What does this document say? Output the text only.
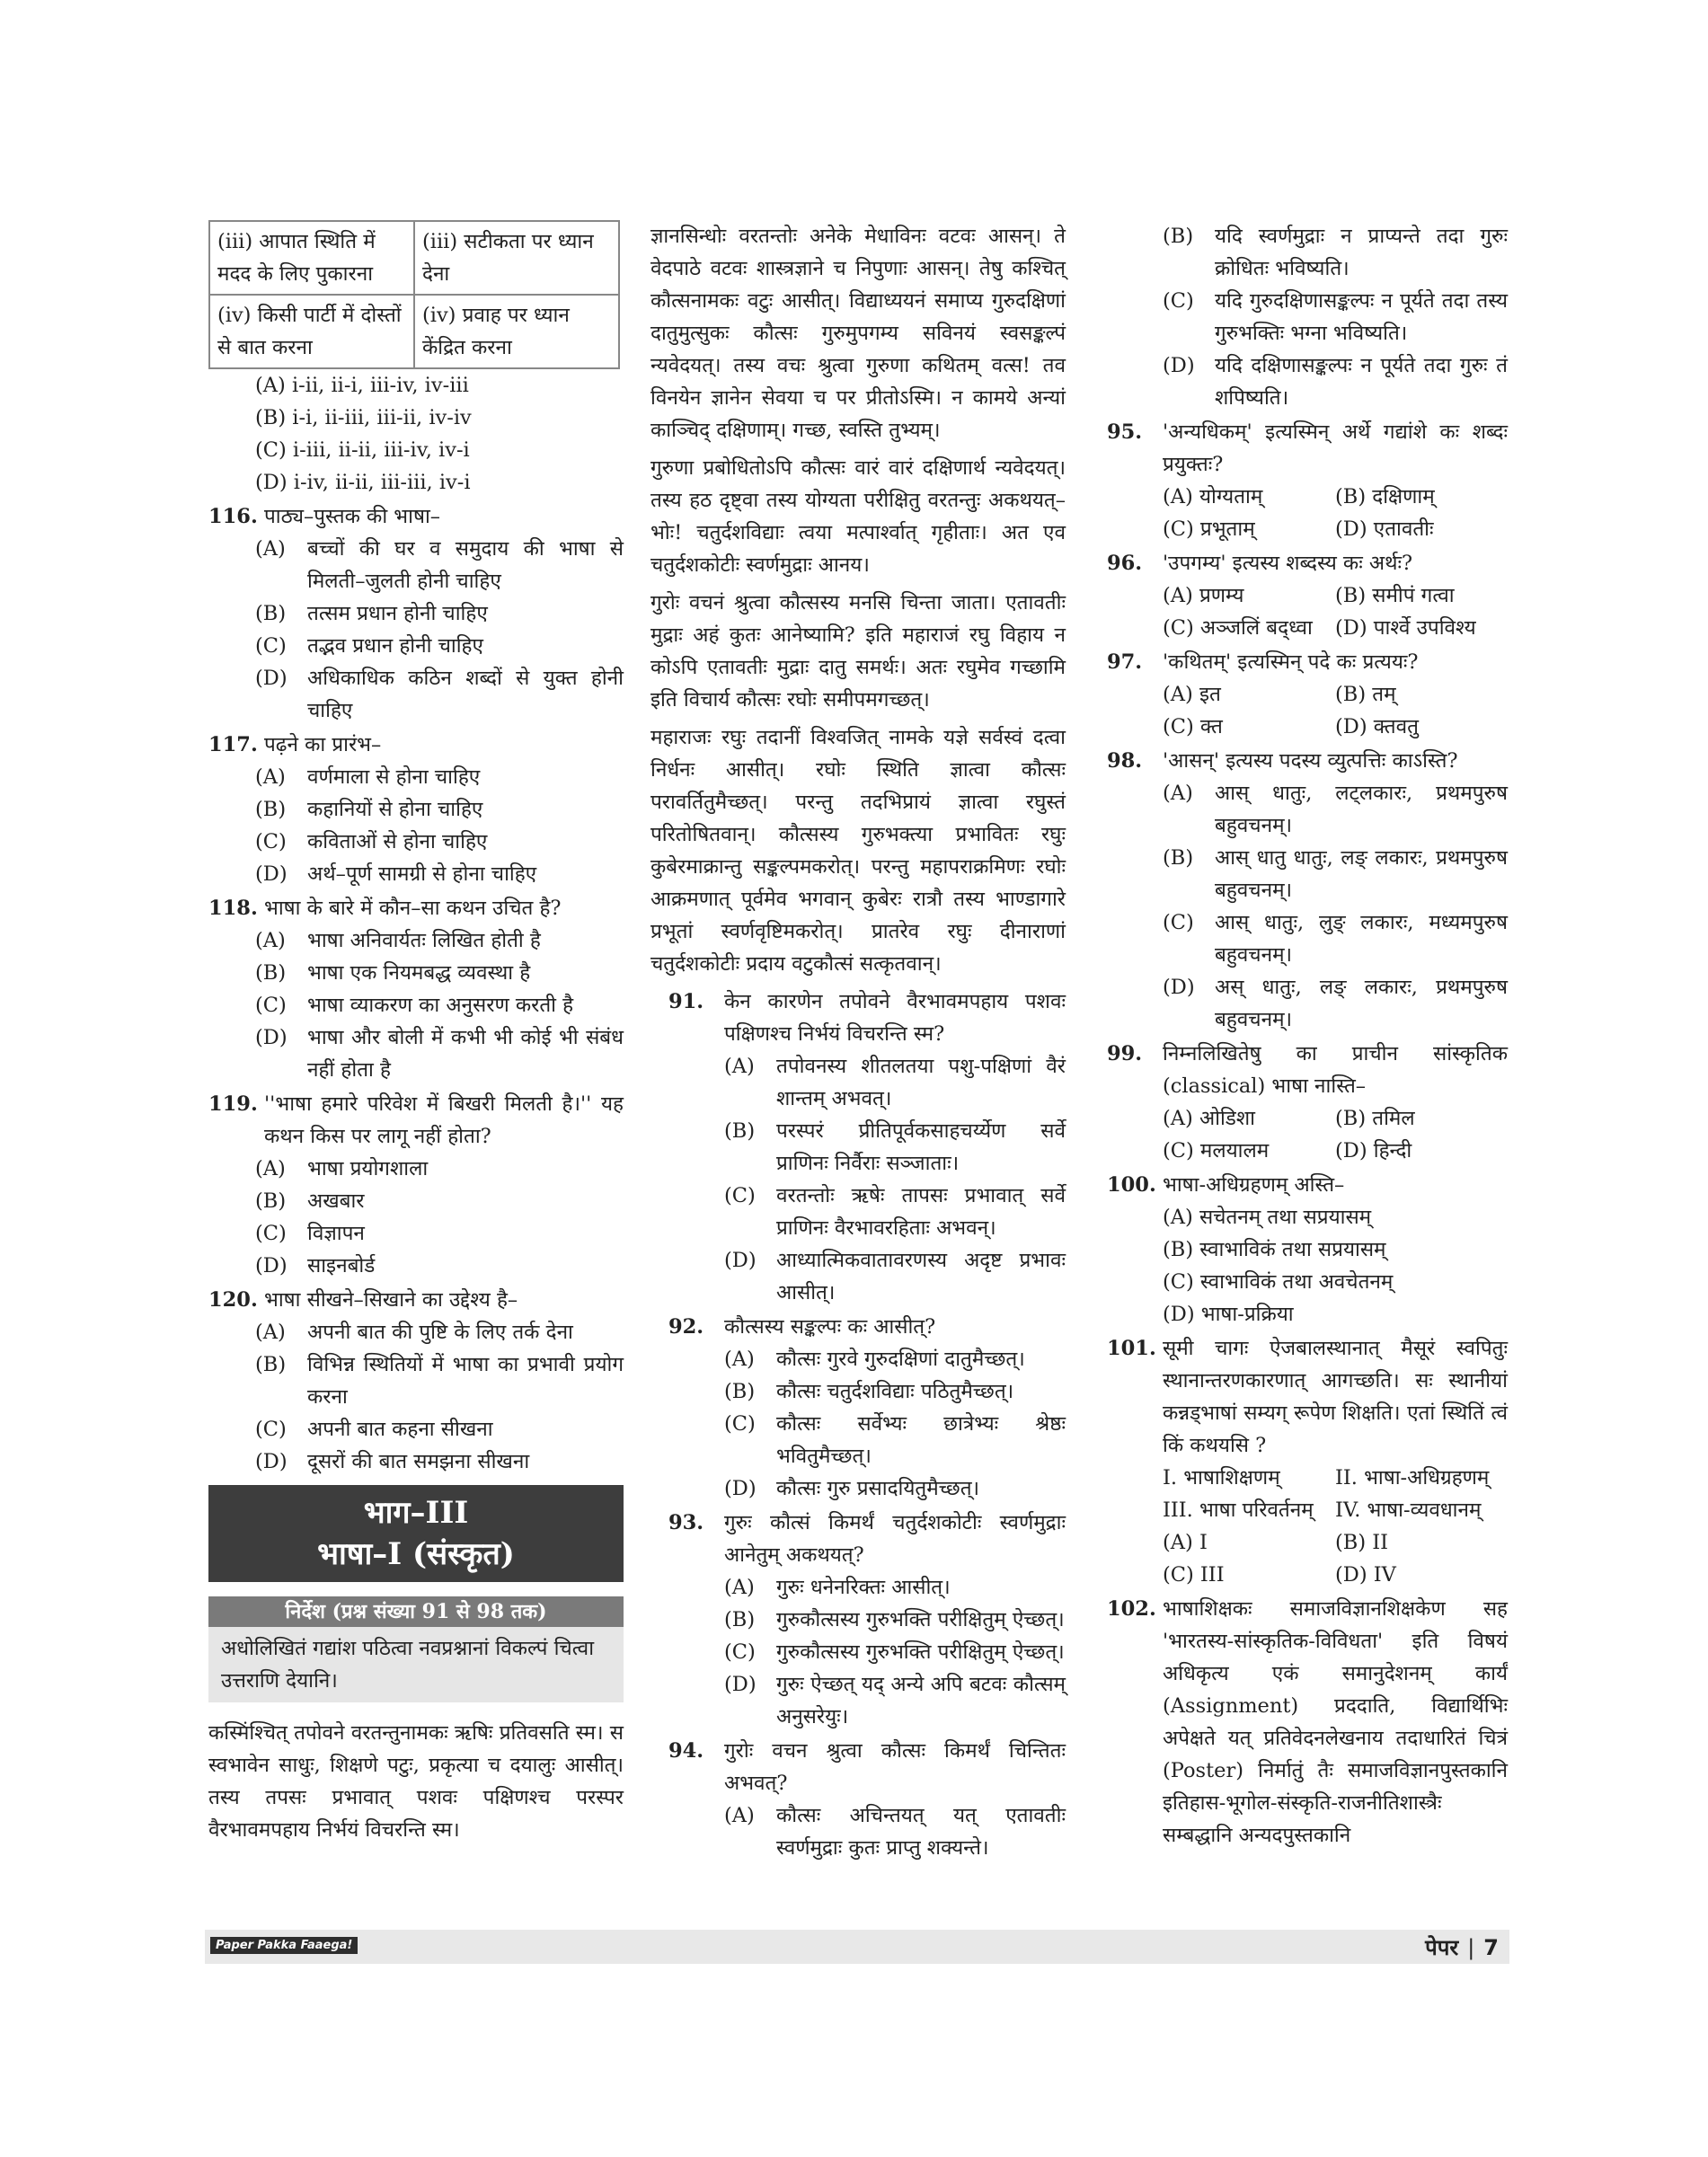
(iii) आपात स्थिति में मदद के लिए पुकारना	(iii) सटीकता पर ध्यान देना
(iv) किसी पार्टी में दोस्तों से बात करना	(iv) प्रवाह पर ध्यान केंद्रित करना
(A) i-ii, ii-i, iii-iv, iv-iii
(B) i-i, ii-iii, iii-ii, iv-iv
(C) i-iii, ii-ii, iii-iv, iv-i
(D) i-iv, ii-ii, iii-iii, iv-i
116. पाठ्य–पुस्तक की भाषा–
(A) बच्चों की घर व समुदाय की भाषा से मिलती–जुलती होनी चाहिए
(B) तत्सम प्रधान होनी चाहिए
(C) तद्भव प्रधान होनी चाहिए
(D) अधिकाधिक कठिन शब्दों से युक्त होनी चाहिए
117. पढ़ने का प्रारंभ–
(A) वर्णमाला से होना चाहिए
(B) कहानियों से होना चाहिए
(C) कविताओं से होना चाहिए
(D) अर्थ–पूर्ण सामग्री से होना चाहिए
118. भाषा के बारे में कौन–सा कथन उचित है?
(A) भाषा अनिवार्यतः लिखित होती है
(B) भाषा एक नियमबद्ध व्यवस्था है
(C) भाषा व्याकरण का अनुसरण करती है
(D) भाषा और बोली में कभी भी कोई भी संबंध नहीं होता है
119. ''भाषा हमारे परिवेश में बिखरी मिलती है।'' यह कथन किस पर लागू नहीं होता?
(A) भाषा प्रयोगशाला
(B) अखबार
(C) विज्ञापन
(D) साइनबोर्ड
120. भाषा सीखने–सिखाने का उद्देश्य है–
(A) अपनी बात की पुष्टि के लिए तर्क देना
(B) विभिन्न स्थितियों में भाषा का प्रभावी प्रयोग करना
(C) अपनी बात कहना सीखना
(D) दूसरों की बात समझना सीखना
भाग–III
भाषा–I (संस्कृत)
निर्देश (प्रश्न संख्या 91 से 98 तक)
अधोलिखितं गद्यांश पठित्वा नवप्रश्नानां विकल्पं चित्वा उत्तराणि देयानि।
कस्मिंश्चित् तपोवने वरतन्तुनामकः ऋषिः प्रतिवसति स्म। स स्वभावेन साधुः, शिक्षणे पटुः, प्रकृत्या च दयालुः आसीत्। तस्य तपसः प्रभावात् पशवः पक्षिणश्च परस्पर वैरभावमपहाय निर्भयं विचरन्ति स्म।
ज्ञानसिन्धोः वरतन्तोः अनेके मेधाविनः वटवः आसन्। ते वेदपाठे वटवः शास्त्रज्ञाने च निपुणाः आसन्। तेषु कश्चित् कौत्सनामकः वटुः आसीत्। विद्याध्ययनं समाप्य गुरुदक्षिणां दातुमुत्सुकः कौत्सः गुरुमुपगम्य सविनयं स्वसङ्कल्पं न्यवेदयत्। तस्य वचः श्रुत्वा गुरुणा कथितम् वत्स! तव विनयेन ज्ञानेन सेवया च पर प्रीतोऽस्मि। न कामये अन्यां काञ्चिद् दक्षिणाम्। गच्छ, स्वस्ति तुभ्यम्।
गुरुणा प्रबोधितोऽपि कौत्सः वारं वारं दक्षिणार्थ न्यवेदयत्। तस्य हठ दृष्ट्वा तस्य योग्यता परीक्षितु वरतन्तुः अकथयत्–भोः! चतुर्दशविद्याः त्वया मत्पार्श्वात् गृहीताः। अत एव चतुर्दशकोटीः स्वर्णमुद्राः आनय।
गुरोः वचनं श्रुत्वा कौत्सस्य मनसि चिन्ता जाता। एतावतीः मुद्राः अहं कुतः आनेष्यामि? इति महाराजं रघु विहाय न कोऽपि एतावतीः मुद्राः दातु समर्थः। अतः रघुमेव गच्छामि इति विचार्य कौत्सः रघोः समीपमगच्छत्।
महाराजः रघुः तदानीं विश्वजित् नामके यज्ञे सर्वस्वं दत्वा निर्धनः आसीत्। रघोः स्थिति ज्ञात्वा कौत्सः परावर्तितुमैच्छत्। परन्तु तदभिप्रायं ज्ञात्वा रघुस्तं परितोषितवान्। कौत्सस्य गुरुभक्त्या प्रभावितः रघुः कुबेरमाक्रान्तु सङ्कल्पमकरोत्। परन्तु महापराक्रमिणः रघोः आक्रमणात् पूर्वमेव भगवान् कुबेरः रात्रौ तस्य भाण्डागारे प्रभूतां स्वर्णवृष्टिमकरोत्। प्रातरेव रघुः दीनाराणां चतुर्दशकोटीः प्रदाय वटुकौत्सं सत्कृतवान्।
91. केन कारणेन तपोवने वैरभावमपहाय पशवः पक्षिणश्च निर्भयं विचरन्ति स्म?
(A) तपोवनस्य शीतलतया पशु-पक्षिणां वैरं शान्तम् अभवत्।
(B) परस्परं प्रीतिपूर्वकसाहचर्य्येण सर्वे प्राणिनः निर्वैराः सञ्जाताः।
(C) वरतन्तोः ऋषेः तापसः प्रभावात् सर्वे प्राणिनः वैरभावरहिताः अभवन्।
(D) आध्यात्मिकवातावरणस्य अदृष्ट प्रभावः आसीत्।
92. कौत्सस्य सङ्कल्पः कः आसीत्?
(A) कौत्सः गुरवे गुरुदक्षिणां दातुमैच्छत्।
(B) कौत्सः चतुर्दशविद्याः पठितुमैच्छत्।
(C) कौत्सः सर्वेभ्यः छात्रेभ्यः श्रेष्ठः भवितुमैच्छत्।
(D) कौत्सः गुरु प्रसादयितुमैच्छत्।
93. गुरुः कौत्सं किमर्थं चतुर्दशकोटीः स्वर्णमुद्राः आनेतुम् अकथयत्?
(A) गुरुः धनेनरिक्तः आसीत्।
(B) गुरुकौत्सस्य गुरुभक्ति परीक्षितुम् ऐच्छत्।
(C) गुरुकौत्सस्य गुरुभक्ति परीक्षितुम् ऐच्छत्।
(D) गुरुः ऐच्छत् यद् अन्ये अपि बटवः कौत्सम् अनुसरेयुः।
94. गुरोः वचन श्रुत्वा कौत्सः किमर्थं चिन्तितः अभवत्?
(A) कौत्सः अचिन्तयत् यत् एतावतीः स्वर्णमुद्राः कुतः प्राप्तु शक्यन्ते।
(B) यदि स्वर्णमुद्राः न प्राप्यन्ते तदा गुरुः क्रोधितः भविष्यति।
(C) यदि गुरुदक्षिणासङ्कल्पः न पूर्यते तदा तस्य गुरुभक्तिः भग्ना भविष्यति।
(D) यदि दक्षिणासङ्कल्पः न पूर्यते तदा गुरुः तं शपिष्यति।
95. 'अन्यधिकम्' इत्यस्मिन् अर्थे गद्यांशे कः शब्दः प्रयुक्तः?
(A) योग्यताम्	(B) दक्षिणाम्
(C) प्रभूताम्	(D) एतावतीः
96. 'उपगम्य' इत्यस्य शब्दस्य कः अर्थः?
(A) प्रणम्य	(B) समीपं गत्वा
(C) अञ्जलिं बद्ध्वा	(D) पार्श्वे उपविश्य
97. 'कथितम्' इत्यस्मिन् पदे कः प्रत्ययः?
(A) इत	(B) तम्
(C) क्त	(D) क्तवतु
98. 'आसन्' इत्यस्य पदस्य व्युत्पत्तिः काऽस्ति?
(A) आस् धातुः, लट्लकारः, प्रथमपुरुष बहुवचनम्।
(B) आस् धातु धातुः, लङ् लकारः, प्रथमपुरुष बहुवचनम्।
(C) आस् धातुः, लुङ् लकारः, मध्यमपुरुष बहुवचनम्।
(D) अस् धातुः, लङ् लकारः, प्रथमपुरुष बहुवचनम्।
99. निम्नलिखितेषु का प्राचीन सांस्कृतिक (classical) भाषा नास्ति–
(A) ओडिशा	(B) तमिल
(C) मलयालम	(D) हिन्दी
100. भाषा-अधिग्रहणम् अस्ति–
(A) सचेतनम् तथा सप्रयासम्
(B) स्वाभाविकं तथा सप्रयासम्
(C) स्वाभाविकं तथा अवचेतनम्
(D) भाषा-प्रक्रिया
101. सूमी चागः ऐजबालस्थानात् मैसूरं स्वपितुः स्थानान्तरणकारणात् आगच्छति। सः स्थानीयां कन्नड्भाषां सम्यग् रूपेण शिक्षति। एतां स्थितिं त्वं किं कथयसि ?
I. भाषाशिक्षणम्	II. भाषा-अधिग्रहणम्
III. भाषा परिवर्तनम्	IV. भाषा-व्यवधानम्
(A) I	(B) II
(C) III	(D) IV
102. भाषाशिक्षकः समाजविज्ञानशिक्षकेण सह 'भारतस्य-सांस्कृतिक-विविधता' इति विषयं अधिकृत्य एकं समानुदेशनम् कार्यं (Assignment) प्रददाति, विद्यार्थिभिः अपेक्षते यत् प्रतिवेदनलेखनाय तदाधारितं चित्रं (Poster) निर्मातुं तैः समाजविज्ञानपुस्तकानि इतिहास-भूगोल-संस्कृति-राजनीतिशास्त्रैः सम्बद्धानि अन्यदपुस्तकानि
Paper Pakka Faaega!	पेपर | 7
